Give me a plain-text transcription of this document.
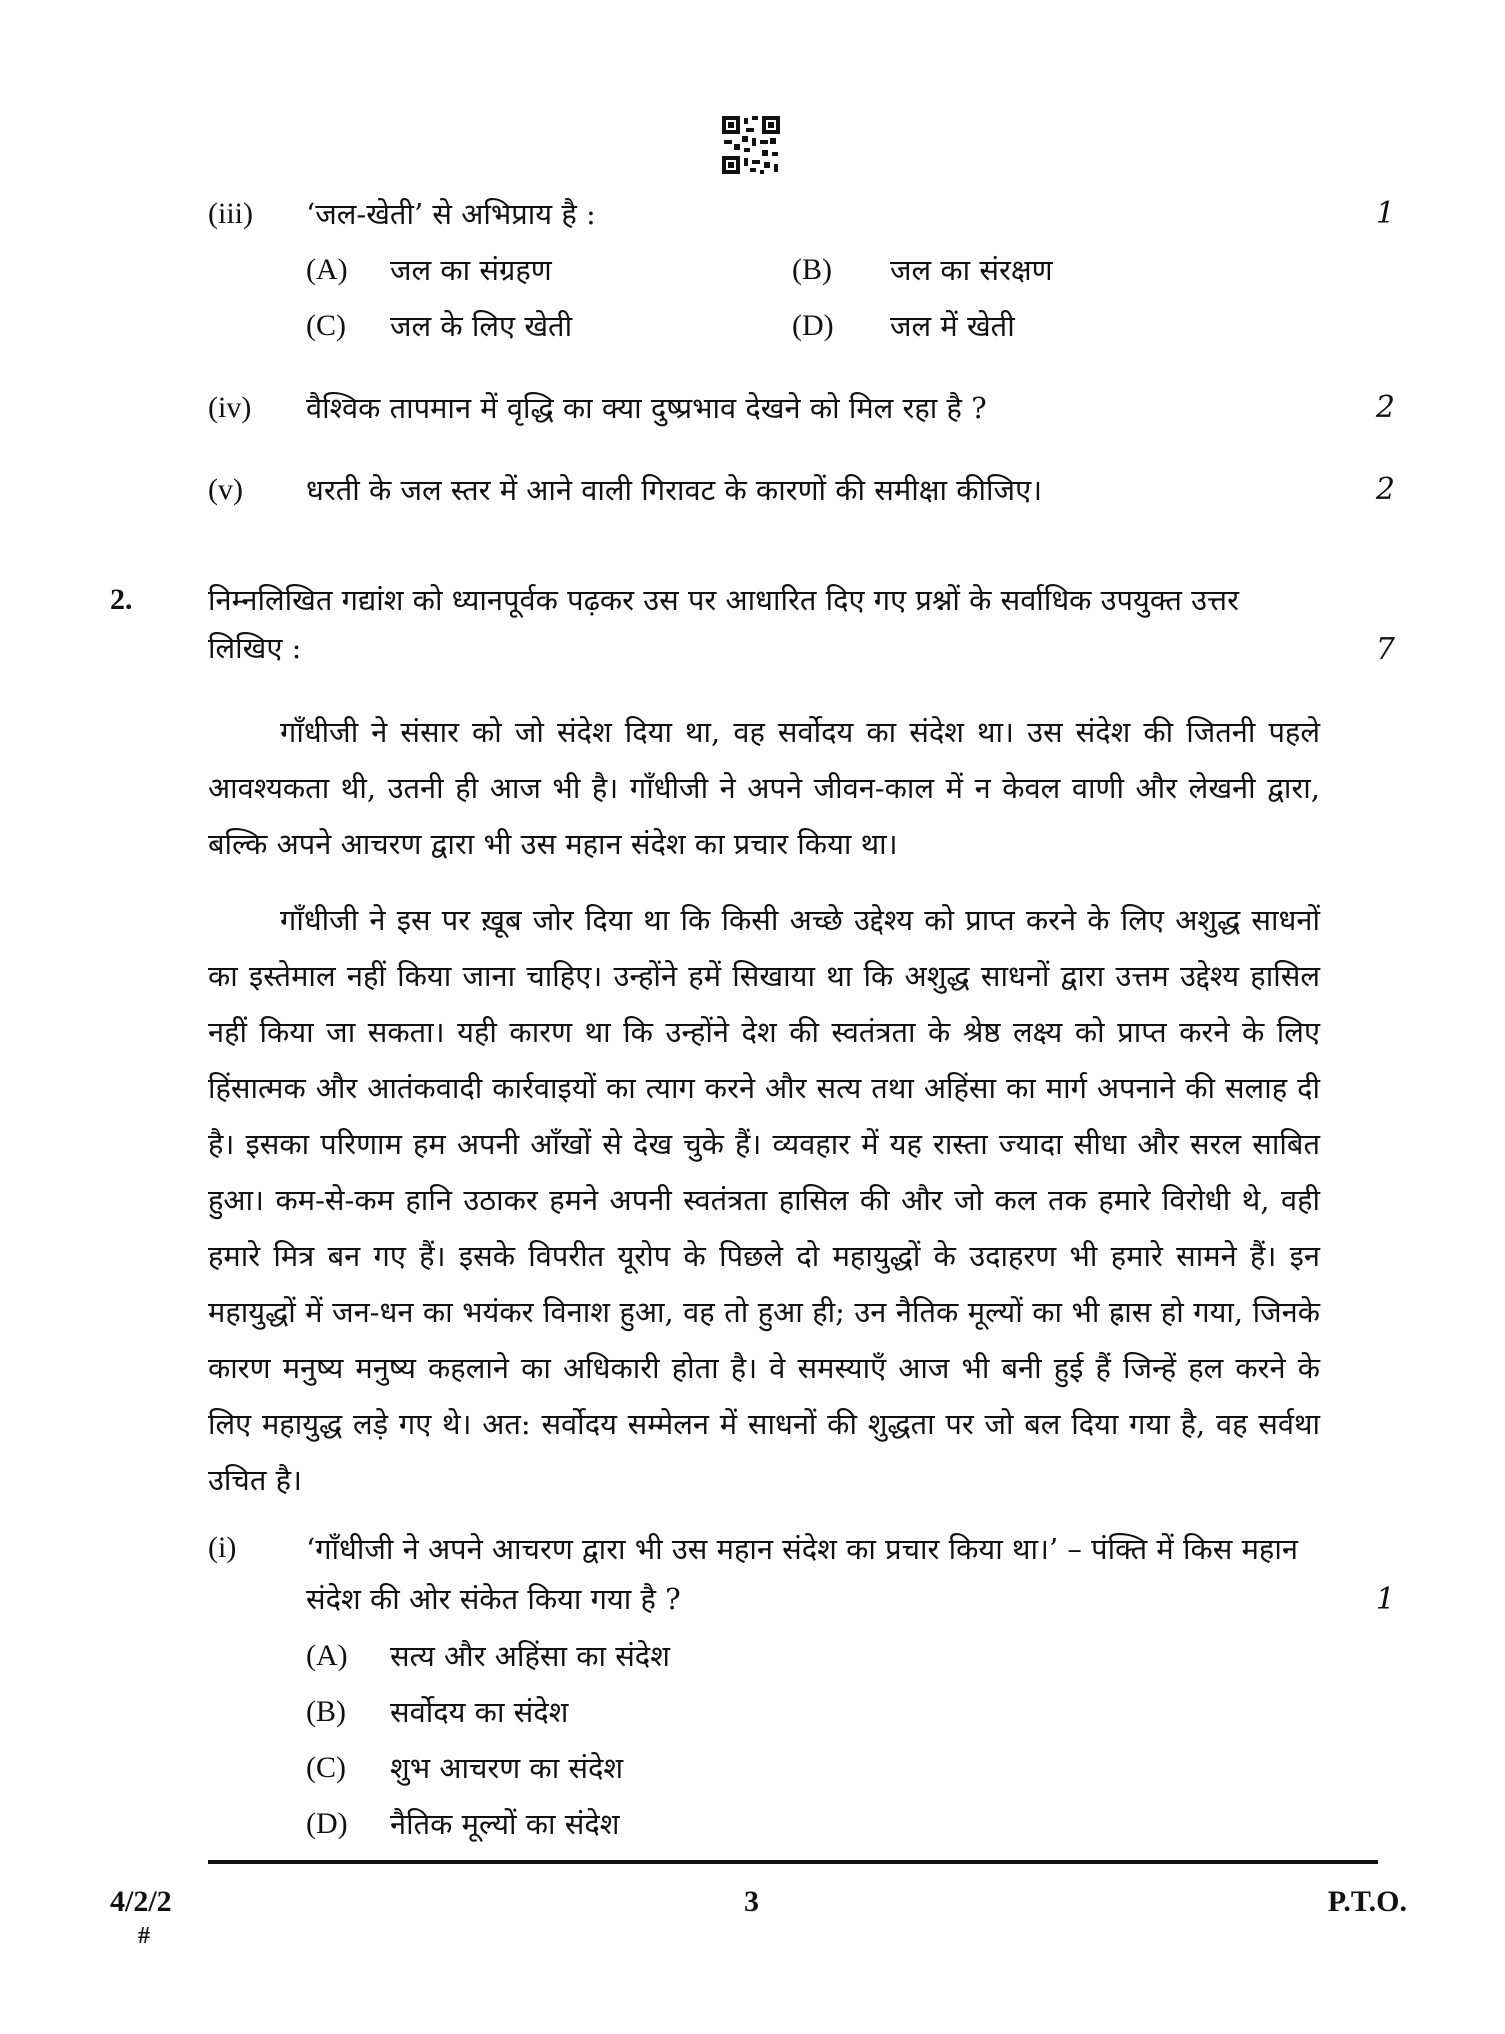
(iii) ‘जल-खेती’ से अभिप्राय है :	1
(A) जल का संग्रहण	(B) जल का संरक्षण
(C) जल के लिए खेती	(D) जल में खेती
(iv) वैश्विक तापमान में वृद्धि का क्या दुष्प्रभाव देखने को मिल रहा है ?	2
(v) धरती के जल स्तर में आने वाली गिरावट के कारणों की समीक्षा कीजिए।	2
2.	निम्नलिखित गद्यांश को ध्यानपूर्वक पढ़कर उस पर आधारित दिए गए प्रश्नों के सर्वाधिक उपयुक्त उत्तर लिखिए :	7
गाँधीजी ने संसार को जो संदेश दिया था, वह सर्वोदय का संदेश था। उस संदेश की जितनी पहले आवश्यकता थी, उतनी ही आज भी है। गाँधीजी ने अपने जीवन-काल में न केवल वाणी और लेखनी द्वारा, बल्कि अपने आचरण द्वारा भी उस महान संदेश का प्रचार किया था।
गाँधीजी ने इस पर ख़ूब जोर दिया था कि किसी अच्छे उद्देश्य को प्राप्त करने के लिए अशुद्ध साधनों का इस्तेमाल नहीं किया जाना चाहिए। उन्होंने हमें सिखाया था कि अशुद्ध साधनों द्वारा उत्तम उद्देश्य हासिल नहीं किया जा सकता। यही कारण था कि उन्होंने देश की स्वतंत्रता के श्रेष्ठ लक्ष्य को प्राप्त करने के लिए हिंसात्मक और आतंकवादी कार्रवाइयों का त्याग करने और सत्य तथा अहिंसा का मार्ग अपनाने की सलाह दी है। इसका परिणाम हम अपनी आँखों से देख चुके हैं। व्यवहार में यह रास्ता ज्यादा सीधा और सरल साबित हुआ। कम-से-कम हानि उठाकर हमने अपनी स्वतंत्रता हासिल की और जो कल तक हमारे विरोधी थे, वही हमारे मित्र बन गए हैं। इसके विपरीत यूरोप के पिछले दो महायुद्धों के उदाहरण भी हमारे सामने हैं। इन महायुद्धों में जन-धन का भयंकर विनाश हुआ, वह तो हुआ ही; उन नैतिक मूल्यों का भी ह्रास हो गया, जिनके कारण मनुष्य मनुष्य कहलाने का अधिकारी होता है। वे समस्याएँ आज भी बनी हुई हैं जिन्हें हल करने के लिए महायुद्ध लड़े गए थे। अत: सर्वोदय सम्मेलन में साधनों की शुद्धता पर जो बल दिया गया है, वह सर्वथा उचित है।
(i) ‘गाँधीजी ने अपने आचरण द्वारा भी उस महान संदेश का प्रचार किया था।’ – पंक्ति में किस महान संदेश की ओर संकेत किया गया है ?	1
(A) सत्य और अहिंसा का संदेश
(B) सर्वोदय का संदेश
(C) शुभ आचरण का संदेश
(D) नैतिक मूल्यों का संदेश
4/2/2
#
3	P.T.O.
